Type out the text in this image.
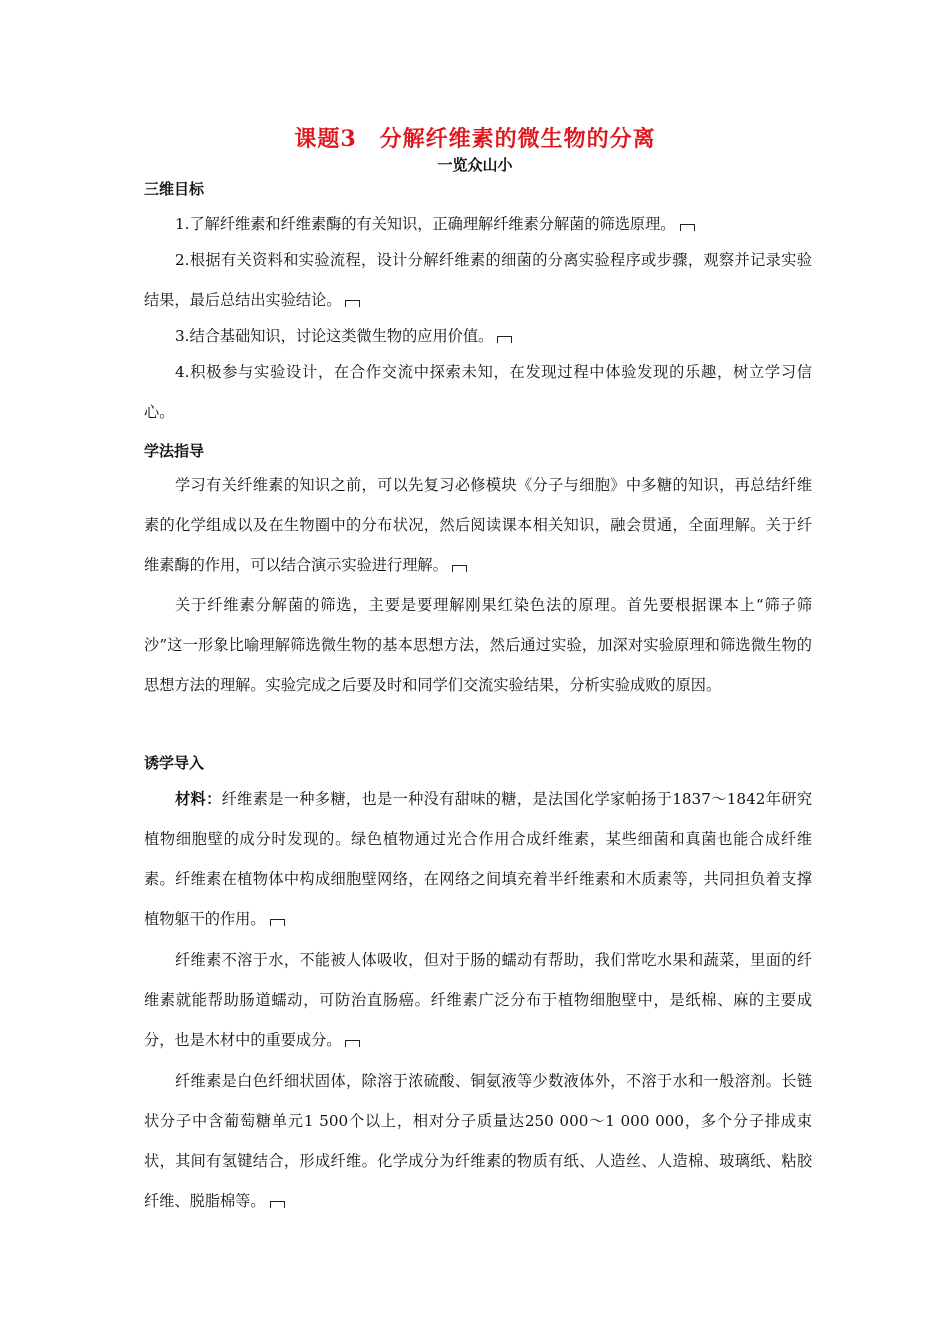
课题3　分解纤维素的微生物的分离
一览众山小
三维目标

1.了解纤维素和纤维素酶的有关知识，正确理解纤维素分解菌的筛选原理。

2.根据有关资料和实验流程，设计分解纤维素的细菌的分离实验程序或步骤，观察并记录实验结果，最后总结出实验结论。

3.结合基础知识，讨论这类微生物的应用价值。

4.积极参与实验设计，在合作交流中探索未知，在发现过程中体验发现的乐趣，树立学习信心。

学法指导

学习有关纤维素的知识之前，可以先复习必修模块《分子与细胞》中多糖的知识，再总结纤维素的化学组成以及在生物圈中的分布状况，然后阅读课本相关知识，融会贯通，全面理解。关于纤维素酶的作用，可以结合演示实验进行理解。

关于纤维素分解菌的筛选，主要是要理解刚果红染色法的原理。首先要根据课本上“筛子筛沙”这一形象比喻理解筛选微生物的基本思想方法，然后通过实验，加深对实验原理和筛选微生物的思想方法的理解。实验完成之后要及时和同学们交流实验结果，分析实验成败的原因。

诱学导入

材料：纤维素是一种多糖，也是一种没有甜味的糖，是法国化学家帕扬于1837～1842年研究植物细胞壁的成分时发现的。绿色植物通过光合作用合成纤维素，某些细菌和真菌也能合成纤维素。纤维素在植物体中构成细胞壁网络，在网络之间填充着半纤维素和木质素等，共同担负着支撑植物躯干的作用。

纤维素不溶于水，不能被人体吸收，但对于肠的蠕动有帮助，我们常吃水果和蔬菜，里面的纤维素就能帮助肠道蠕动，可防治直肠癌。纤维素广泛分布于植物细胞壁中，是纸棉、麻的主要成分，也是木材中的重要成分。

纤维素是白色纤细状固体，除溶于浓硫酸、铜氨液等少数液体外，不溶于水和一般溶剂。长链状分子中含葡萄糖单元1 500个以上，相对分子质量达250 000～1 000 000，多个分子排成束状，其间有氢键结合，形成纤维。化学成分为纤维素的物质有纸、人造丝、人造棉、玻璃纸、粘胶纤维、脱脂棉等。
